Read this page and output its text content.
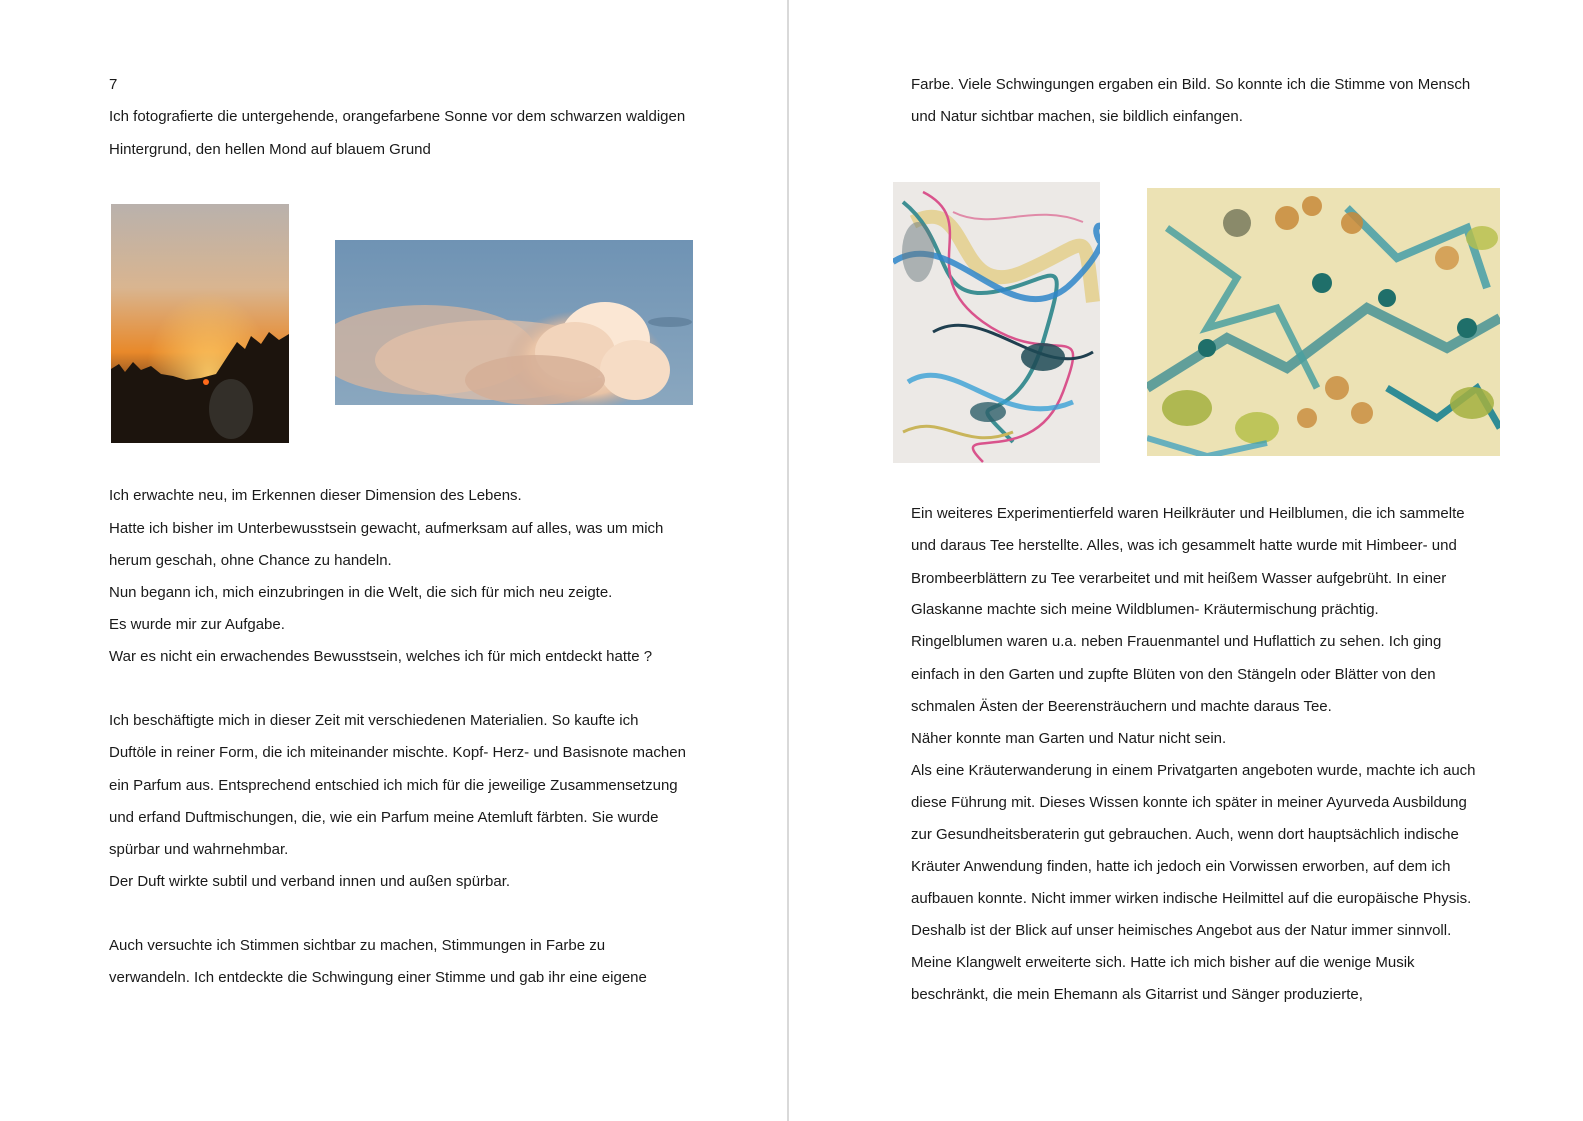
7
Ich fotografierte die untergehende, orangefarbene Sonne vor dem schwarzen waldigen
Hintergrund, den hellen Mond auf blauem Grund
Ich erwachte neu, im Erkennen dieser Dimension des Lebens.
Hatte ich bisher im Unterbewusstsein gewacht, aufmerksam auf alles, was um mich
herum geschah, ohne Chance zu handeln.
Nun begann ich, mich einzubringen in die Welt, die sich für mich neu zeigte.
Es wurde mir zur Aufgabe.
War es nicht ein erwachendes Bewusstsein, welches ich für mich entdeckt hatte ?
Ich beschäftigte mich in dieser Zeit mit verschiedenen Materialien. So kaufte ich
Duftöle in reiner Form, die ich miteinander mischte. Kopf- Herz- und Basisnote machen
ein Parfum aus. Entsprechend entschied ich mich für die jeweilige Zusammensetzung
und erfand Duftmischungen, die, wie ein Parfum meine Atemluft färbten. Sie wurde
spürbar und wahrnehmbar.
Der Duft wirkte subtil und verband innen und außen spürbar.
Auch versuchte ich Stimmen sichtbar zu machen, Stimmungen in Farbe zu
verwandeln. Ich entdeckte die Schwingung einer Stimme und gab ihr eine eigene
Farbe. Viele Schwingungen ergaben ein Bild. So konnte ich die Stimme von Mensch
und Natur sichtbar machen, sie bildlich einfangen.
Ein weiteres Experimentierfeld waren Heilkräuter und Heilblumen, die ich sammelte
und daraus Tee herstellte. Alles, was ich gesammelt hatte wurde mit Himbeer- und
Brombeerblättern zu Tee verarbeitet und mit heißem Wasser aufgebrüht. In einer
Glaskanne machte sich meine Wildblumen- Kräutermischung prächtig.
Ringelblumen waren u.a. neben Frauenmantel und Huflattich zu sehen. Ich ging
einfach in den Garten und zupfte Blüten von den Stängeln oder Blätter von den
schmalen Ästen der Beerensträuchern und machte daraus Tee.
Näher konnte man Garten und Natur nicht sein.
Als eine Kräuterwanderung in einem Privatgarten angeboten wurde, machte ich auch
diese Führung mit. Dieses Wissen konnte ich später in meiner Ayurveda Ausbildung
zur Gesundheitsberaterin gut gebrauchen. Auch, wenn dort hauptsächlich indische
Kräuter Anwendung finden, hatte ich jedoch ein Vorwissen erworben, auf dem ich
aufbauen konnte. Nicht immer wirken indische Heilmittel auf die europäische Physis.
Deshalb ist der Blick auf unser heimisches Angebot aus der Natur immer sinnvoll.
Meine Klangwelt erweiterte sich. Hatte ich mich bisher auf die wenige Musik
beschränkt, die mein Ehemann als Gitarrist und Sänger produzierte,
